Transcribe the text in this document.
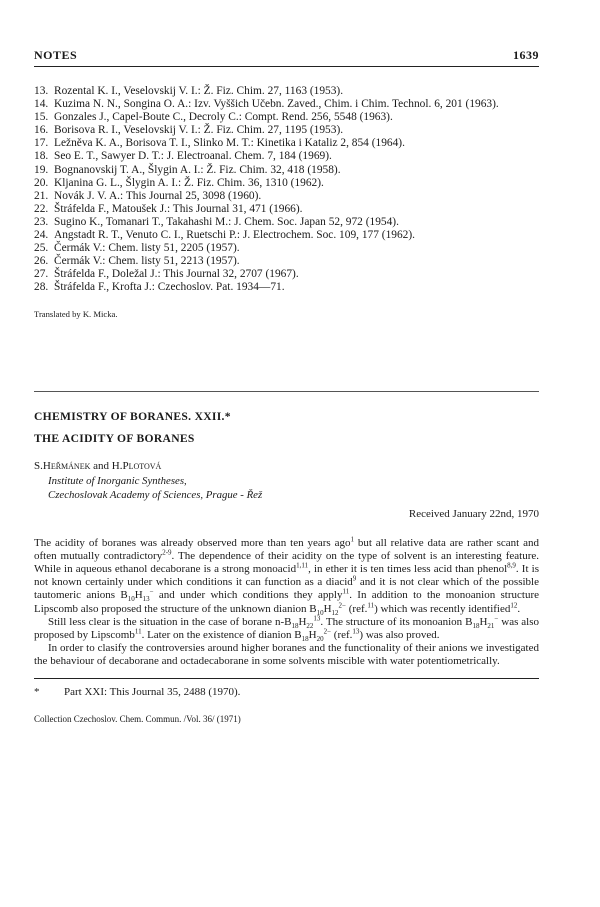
NOTES	1639
13. Rozental K. I., Veselovskij V. I.: Ž. Fiz. Chim. 27, 1163 (1953).
14. Kuzima N. N., Songina O. A.: Izv. Vyššich Učebn. Zaved., Chim. i Chim. Technol. 6, 201 (1963).
15. Gonzales J., Capel-Boute C., Decroly C.: Compt. Rend. 256, 5548 (1963).
16. Borisova R. I., Veselovskij V. I.: Ž. Fiz. Chim. 27, 1195 (1953).
17. Ležněva K. A., Borisova T. I., Slinko M. T.: Kinetika i Kataliz 2, 854 (1964).
18. Seo E. T., Sawyer D. T.: J. Electroanal. Chem. 7, 184 (1969).
19. Bognanovskij T. A., Šlygin A. I.: Ž. Fiz. Chim. 32, 418 (1958).
20. Kljanina G. L., Šlygin A. I.: Ž. Fiz. Chim. 36, 1310 (1962).
21. Novák J. V. A.: This Journal 25, 3098 (1960).
22. Štráfelda F., Matoušek J.: This Journal 31, 471 (1966).
23. Sugino K., Tomanari T., Takahashi M.: J. Chem. Soc. Japan 52, 972 (1954).
24. Angstadt R. T., Venuto C. I., Ruetschi P.: J. Electrochem. Soc. 109, 177 (1962).
25. Čermák V.: Chem. listy 51, 2205 (1957).
26. Čermák V.: Chem. listy 51, 2213 (1957).
27. Štráfelda F., Doležal J.: This Journal 32, 2707 (1967).
28. Štráfelda F., Krofta J.: Czechoslov. Pat. 1934—71.
Translated by K. Micka.
CHEMISTRY OF BORANES. XXII.*
THE ACIDITY OF BORANES
S.Heřmánek and H.Plotová
Institute of Inorganic Syntheses,
Czechoslovak Academy of Sciences, Prague - Řež
Received January 22nd, 1970

The acidity of boranes was already observed more than ten years ago$^1$ but all relative data are rather scant and often mutually contradictory$^{2-9}$. The dependence of their acidity on the type of solvent is an interesting feature. While in aqueous ethanol decaborane is a strong monoacid$^{1,11}$, in ether it is ten times less acid than phenol$^{8,9}$. It is not known certainly under which conditions it can function as a diacid$^9$ and it is not clear which of the possible tautomeric anions $B_{10}H_{13}^-$ and under which conditions they apply$^{11}$. In addition to the monoanion structure Lipscomb also proposed the structure of the unknown dianion $B_{10}H_{12}^{2-}$ (ref.$^{11}$) which was recently identified$^{12}$.

Still less clear is the situation in the case of borane $n-B_{18}H_{22}^{13}$. The structure of its monoanion $B_{18}H_{21}^-$ was also proposed by Lipscomb$^{11}$. Later on the existence of dianion $B_{18}H_{20}^{2-}$ (ref.$^{13}$) was also proved.

In order to clasify the controversies around higher boranes and the functionality of their anions we investigated the behaviour of decaborane and octadecaborane in some solvents miscible with water potentiometrically.

*	Part XXI: This Journal 35, 2488 (1970).
Collection Czechoslov. Chem. Commun. /Vol. 36/ (1971)
